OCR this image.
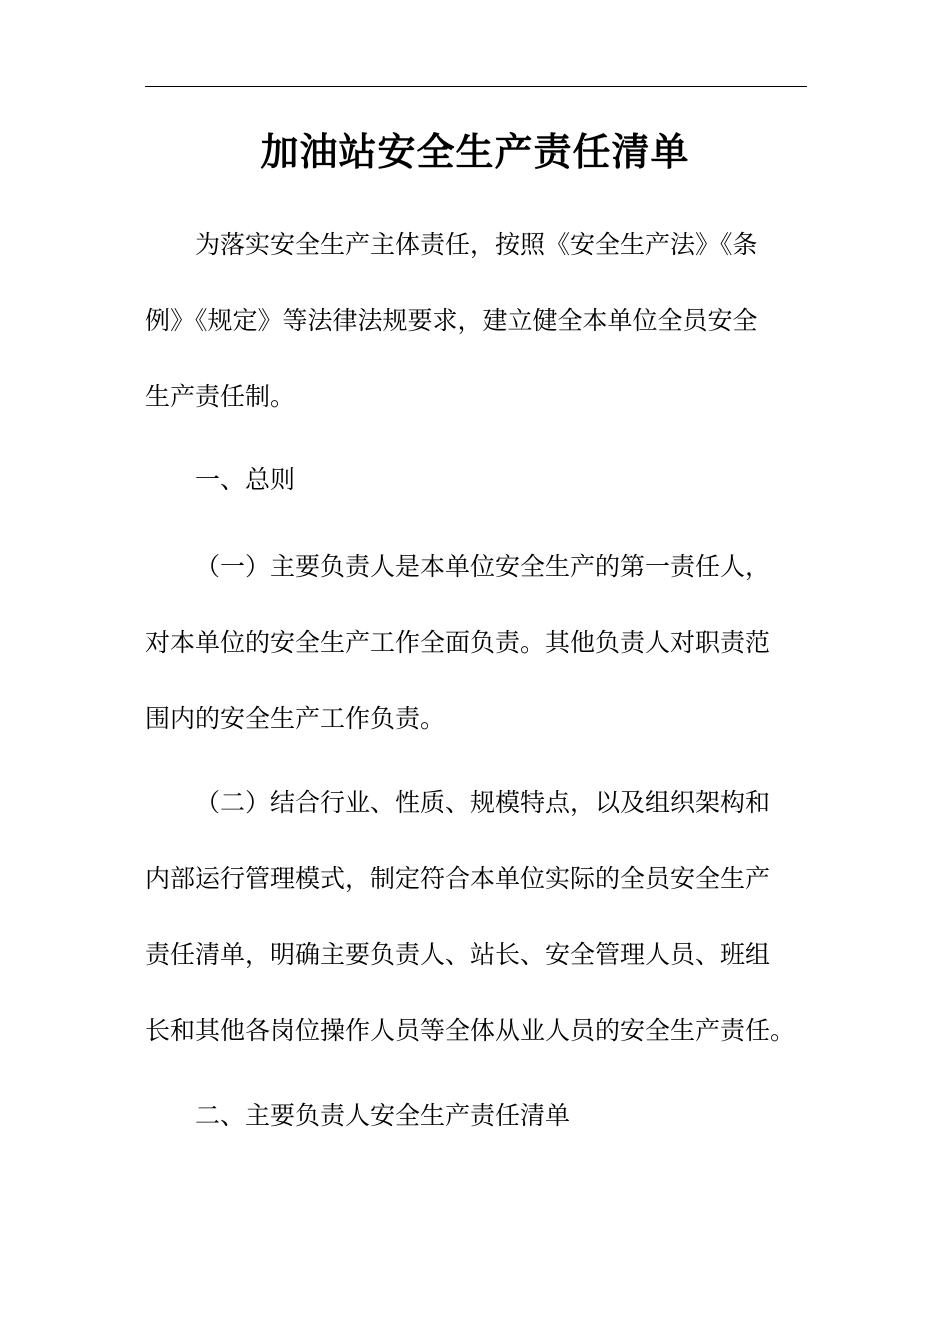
加油站安全生产责任清单

为落实安全生产主体责任，按照《安全生产法》《条

例》《规定》等法律法规要求，建立健全本单位全员安全

生产责任制。

一、总则

（一）主要负责人是本单位安全生产的第一责任人，

对本单位的安全生产工作全面负责。其他负责人对职责范

围内的安全生产工作负责。

（二）结合行业、性质、规模特点，以及组织架构和

内部运行管理模式，制定符合本单位实际的全员安全生产

责任清单，明确主要负责人、站长、安全管理人员、班组

长和其他各岗位操作人员等全体从业人员的安全生产责任。

二、主要负责人安全生产责任清单
